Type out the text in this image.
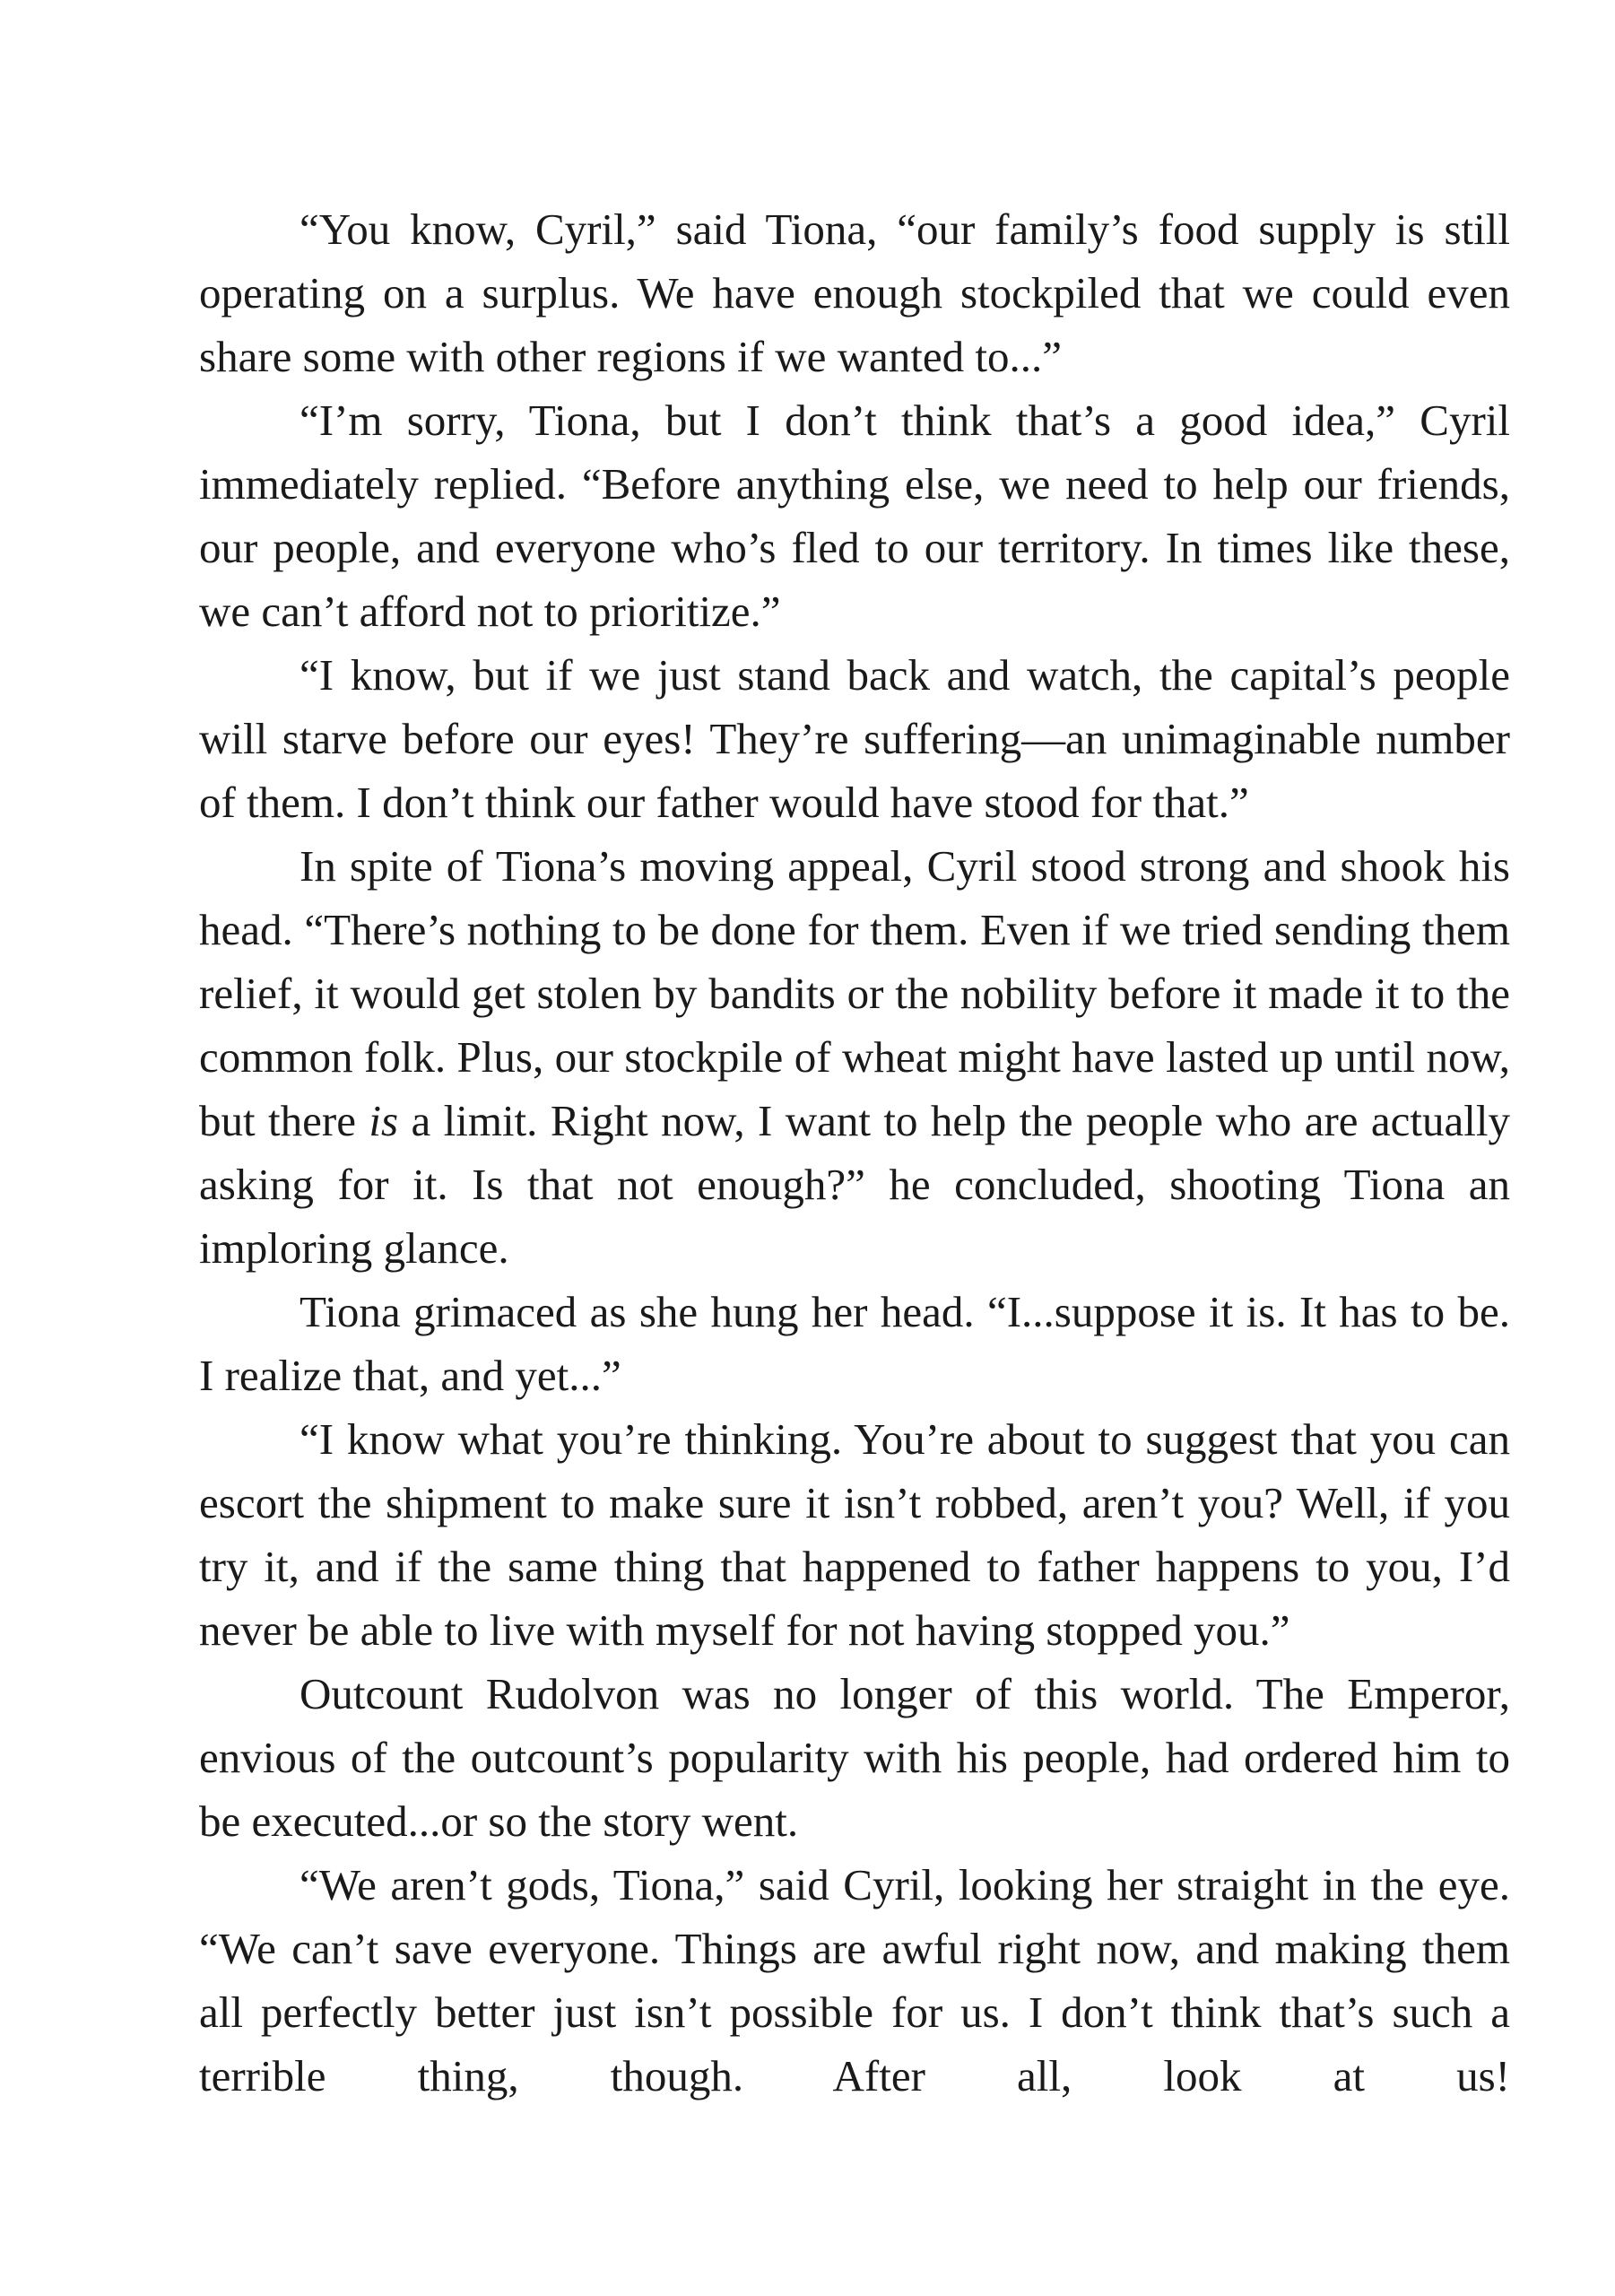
“You know, Cyril,” said Tiona, “our family’s food supply is still operating on a surplus. We have enough stockpiled that we could even share some with other regions if we wanted to...”

“I’m sorry, Tiona, but I don’t think that’s a good idea,” Cyril immediately replied. “Before anything else, we need to help our friends, our people, and everyone who’s fled to our territory. In times like these, we can’t afford not to prioritize.”

“I know, but if we just stand back and watch, the capital’s people will starve before our eyes! They’re suffering—an unimaginable number of them. I don’t think our father would have stood for that.”

In spite of Tiona’s moving appeal, Cyril stood strong and shook his head. “There’s nothing to be done for them. Even if we tried sending them relief, it would get stolen by bandits or the nobility before it made it to the common folk. Plus, our stockpile of wheat might have lasted up until now, but there is a limit. Right now, I want to help the people who are actually asking for it. Is that not enough?” he concluded, shooting Tiona an imploring glance.

Tiona grimaced as she hung her head. “I...suppose it is. It has to be. I realize that, and yet...”

“I know what you’re thinking. You’re about to suggest that you can escort the shipment to make sure it isn’t robbed, aren’t you? Well, if you try it, and if the same thing that happened to father happens to you, I’d never be able to live with myself for not having stopped you.”

Outcount Rudolvon was no longer of this world. The Emperor, envious of the outcount’s popularity with his people, had ordered him to be executed...or so the story went.

“We aren’t gods, Tiona,” said Cyril, looking her straight in the eye. “We can’t save everyone. Things are awful right now, and making them all perfectly better just isn’t possible for us. I don’t think that’s such a terrible thing, though. After all, look at us!
